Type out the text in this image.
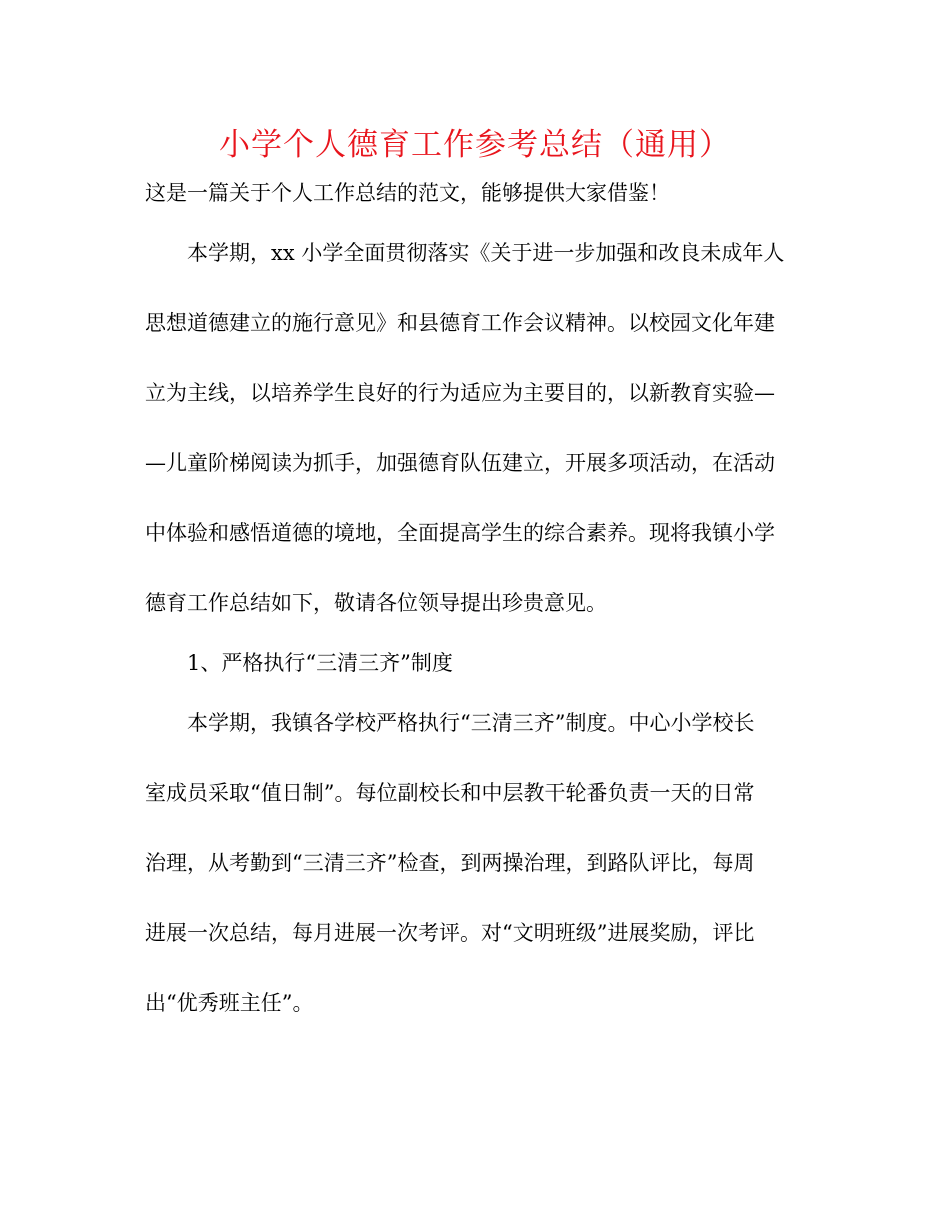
小学个人德育工作参考总结（通用）
这是一篇关于个人工作总结的范文，能够提供大家借鉴！
本学期，xx 小学全面贯彻落实《关于进一步加强和改良未成年人
思想道德建立的施行意见》和县德育工作会议精神。以校园文化年建
立为主线，以培养学生良好的行为适应为主要目的，以新教育实验—
—儿童阶梯阅读为抓手，加强德育队伍建立，开展多项活动，在活动
中体验和感悟道德的境地，全面提高学生的综合素养。现将我镇小学
德育工作总结如下，敬请各位领导提出珍贵意见。
1、严格执行“三清三齐”制度
本学期，我镇各学校严格执行“三清三齐”制度。中心小学校长
室成员采取“值日制”。每位副校长和中层教干轮番负责一天的日常
治理，从考勤到“三清三齐”检查，到两操治理，到路队评比，每周
进展一次总结，每月进展一次考评。对“文明班级”进展奖励，评比
出“优秀班主任”。
